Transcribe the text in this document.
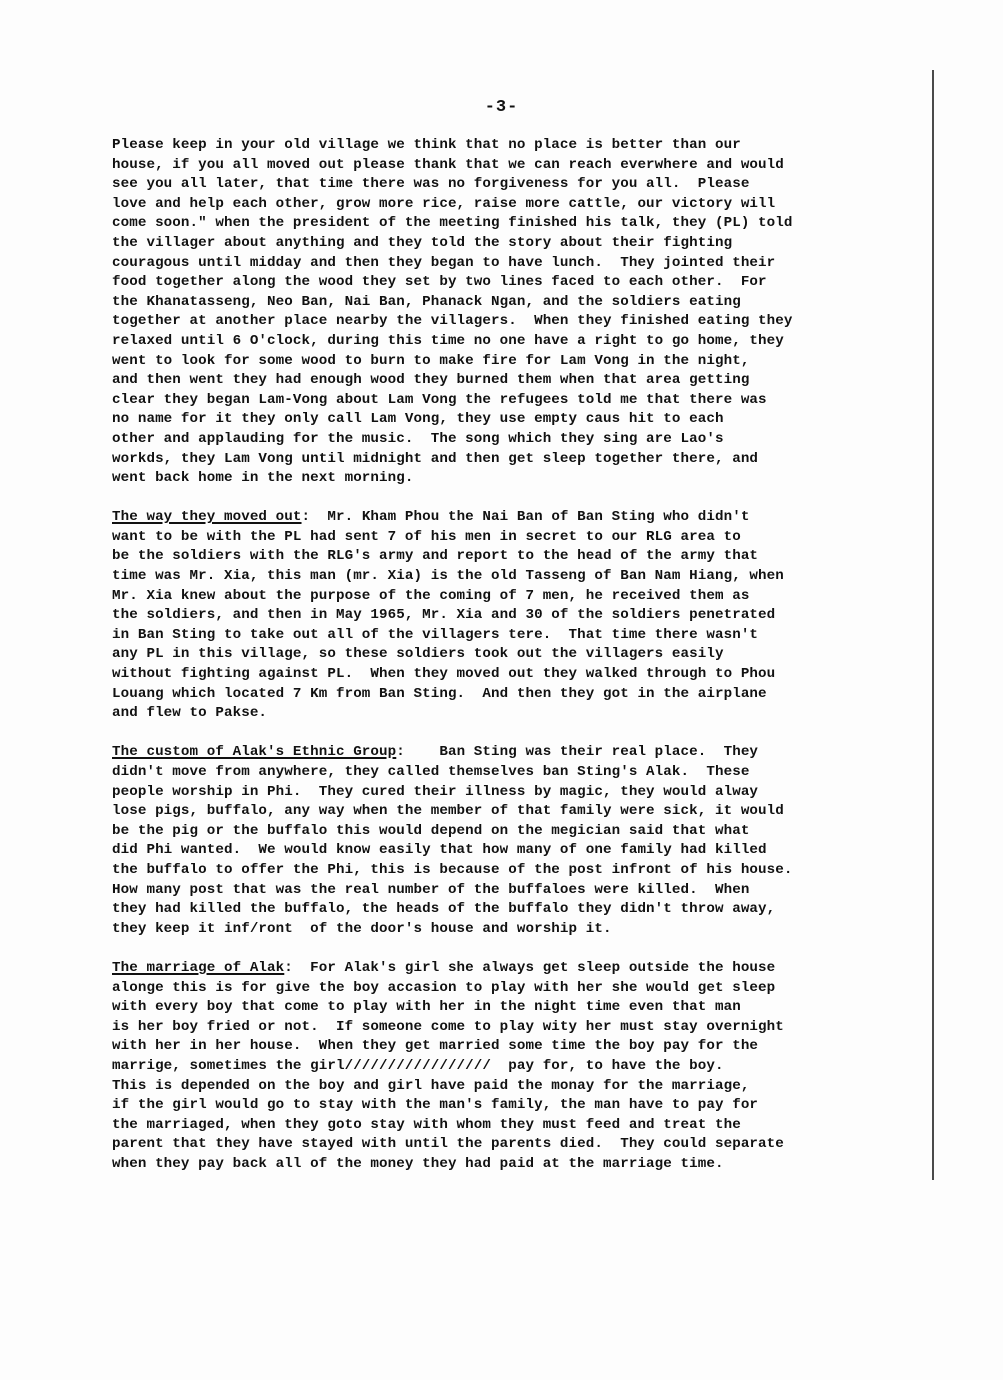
-3-
Please keep in your old village we think that no place is better than our
house, if you all moved out please thank that we can reach everwhere and would
see you all later, that time there was no forgiveness for you all.  Please
love and help each other, grow more rice, raise more cattle, our victory will
come soon." when the president of the meeting finished his talk, they (PL) told
the villager about anything and they told the story about their fighting
couragous until midday and then they began to have lunch.  They jointed their
food together along the wood they set by two lines faced to each other.  For
the Khanatasseng, Neo Ban, Nai Ban, Phanack Ngan, and the soldiers eating
together at another place nearby the villagers.  When they finished eating they
relaxed until 6 O'clock, during this time no one have a right to go home, they
went to look for some wood to burn to make fire for Lam Vong in the night,
and then went they had enough wood they burned them when that area getting
clear they began Lam-Vong about Lam Vong the refugees told me that there was
no name for it they only call Lam Vong, they use empty caus hit to each
other and applauding for the music.  The song which they sing are Lao's
workds, they Lam Vong until midnight and then get sleep together there, and
went back home in the next morning.
The way they moved out:  Mr. Kham Phou the Nai Ban of Ban Sting who didn't
want to be with the PL had sent 7 of his men in secret to our RLG area to
be the soldiers with the RLG's army and report to the head of the army that
time was Mr. Xia, this man (mr. Xia) is the old Tasseng of Ban Nam Hiang, when
Mr. Xia knew about the purpose of the coming of 7 men, he received them as
the soldiers, and then in May 1965, Mr. Xia and 30 of the soldiers penetrated
in Ban Sting to take out all of the villagers tere.  That time there wasn't
any PL in this village, so these soldiers took out the villagers easily
without fighting against PL.  When they moved out they walked through to Phou
Louang which located 7 Km from Ban Sting.  And then they got in the airplane
and flew to Pakse.
The custom of Alak's Ethnic Group:    Ban Sting was their real place.  They
didn't move from anywhere, they called themselves ban Sting's Alak.  These
people worship in Phi.  They cured their illness by magic, they would alway
lose pigs, buffalo, any way when the member of that family were sick, it would
be the pig or the buffalo this would depend on the megician said that what
did Phi wanted.  We would know easily that how many of one family had killed
the buffalo to offer the Phi, this is because of the post infront of his house.
How many post that was the real number of the buffaloes were killed.  When
they had killed the buffalo, the heads of the buffalo they didn't throw away,
they keep it inf/ront  of the door's house and worship it.
The marriage of Alak:  For Alak's girl she always get sleep outside the house
alonge this is for give the boy accasion to play with her she would get sleep
with every boy that come to play with her in the night time even that man
is her boy fried or not.  If someone come to play wity her must stay overnight
with her in her house.  When they get married some time the boy pay for the
marrige, sometimes the girl/////////////////  pay for, to have the boy.
This is depended on the boy and girl have paid the monay for the marriage,
if the girl would go to stay with the man's family, the man have to pay for
the marriaged, when they goto stay with whom they must feed and treat the
parent that they have stayed with until the parents died.  They could separate
when they pay back all of the money they had paid at the marriage time.
